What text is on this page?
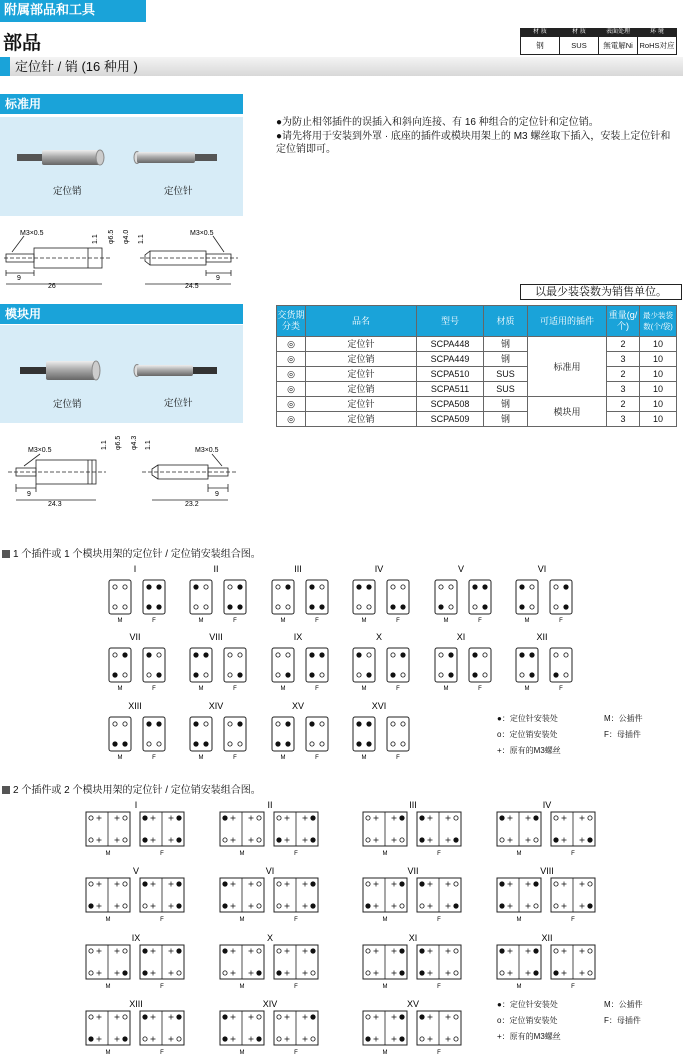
附属部品和工具
部品
材 质	材 质	表面处理	环 境
钢	SUS	無電解Ni	RoHS对应
定位针 / 销 (16 种用 )
标准用
定位销	定位针
M3×0.5	M3×0.5
1.1 φ6.5 φ4.0 1.1
9
26
9
24.5
模块用
定位销	定位针
M3×0.5	M3×0.5
1.1 φ6.5 φ4.3 1.1
9
24.3
9
23.2
●为防止相邻插件的误插入和斜向连接、有 16 种组合的定位针和定位销。
●请先将用于安装到外罩 · 底座的插件或模块用架上的 M3 螺丝取下插入，安装上定位针和定位销即可。
以最少装袋数为销售单位。
交货期分类	品名	型号	材质	可适用的插件	重量(g/个)	最少装袋数(个/袋)
◎	定位针	SCPA448	钢	标准用	2	10
◎	定位销	SCPA449	钢		3	10
◎	定位针	SCPA510	SUS		2	10
◎	定位销	SCPA511	SUS		3	10
◎	定位针	SCPA508	钢	模块用	2	10
◎	定位销	SCPA509	钢		3	10
1 个插件或 1 个模块用架的定位针 / 定位销安装组合图。
I
M	F
II
M	F
III
M	F
IV
M	F
V
M	F
VI
M	F
VII
M	F
VIII
M	F
IX
M	F
X
M	F
XI
M	F
XII
M	F
XIII
M	F
XIV
M	F
XV
M	F
XVI
M	F
●：定位针安装处
o：定位销安装处
+：原有的M3螺丝
M：公插件
F：母插件
2 个插件或 2 个模块用架的定位针 / 定位销安装组合图。
I
M	F
II
M	F
III
M	F
IV
M	F
V
M	F
VI
M	F
VII
M	F
VIII
M	F
IX
M	F
X
M	F
XI
M	F
XII
M	F
XIII
M	F
XIV
M	F
XV
M	F
●：定位针安装处
o：定位销安装处
+：原有的M3螺丝
M：公插件
F：母插件
